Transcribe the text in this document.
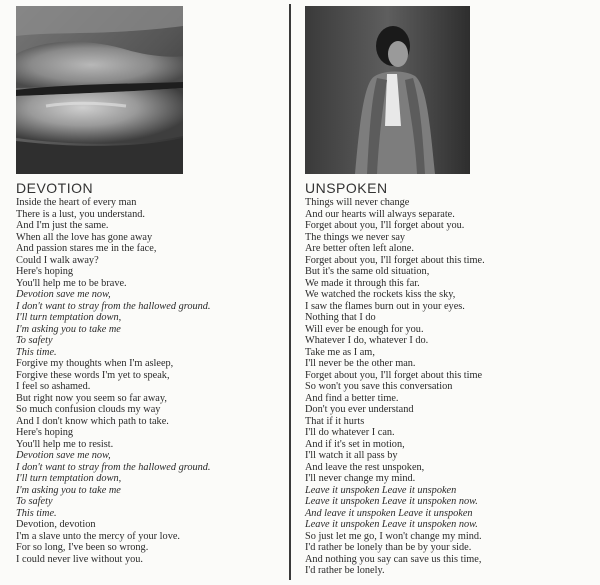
DEVOTION
Inside the heart of every man
There is a lust, you understand.
And I'm just the same.
When all the love has gone away
And passion stares me in the face,
Could I walk away?
Here's hoping
You'll help me to be brave.
Devotion save me now,
I don't want to stray from the hallowed ground.
I'll turn temptation down,
I'm asking you to take me
To safety
This time.
Forgive my thoughts when I'm asleep,
Forgive these words I'm yet to speak,
I feel so ashamed.
But right now you seem so far away,
So much confusion clouds my way
And I don't know which path to take.
Here's hoping
You'll help me to resist.
Devotion save me now,
I don't want to stray from the hallowed ground.
I'll turn temptation down,
I'm asking you to take me
To safety
This time.
Devotion, devotion
I'm a slave unto the mercy of your love.
For so long, I've been so wrong.
I could never live without you.
UNSPOKEN
Things will never change
And our hearts will always separate.
Forget about you, I'll forget about you.
The things we never say
Are better often left alone.
Forget about you, I'll forget about this time.
But it's the same old situation,
We made it through this far.
We watched the rockets kiss the sky,
I saw the flames burn out in your eyes.
Nothing that I do
Will ever be enough for you.
Whatever I do, whatever I do.
Take me as I am,
I'll never be the other man.
Forget about you, I'll forget about this time
So won't you save this conversation
And find a better time.
Don't you ever understand
That if it hurts
I'll do whatever I can.
And if it's set in motion,
I'll watch it all pass by
And leave the rest unspoken,
I'll never change my mind.
Leave it unspoken Leave it unspoken
Leave it unspoken Leave it unspoken now.
And leave it unspoken Leave it unspoken
Leave it unspoken Leave it unspoken now.
So just let me go, I won't change my mind.
I'd rather be lonely than be by your side.
And nothing you say can save us this time,
I'd rather be lonely.
